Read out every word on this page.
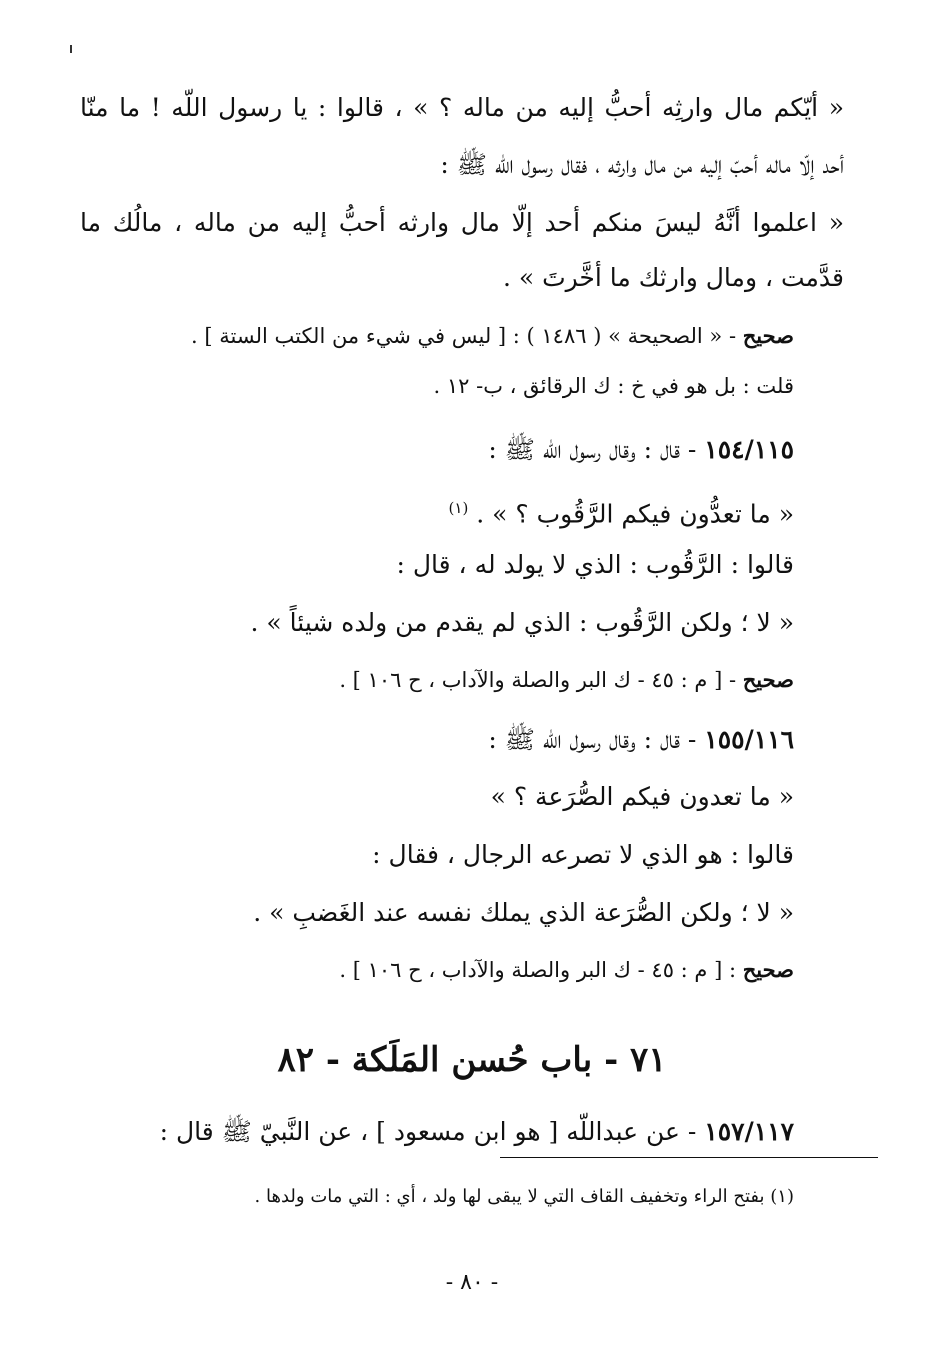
« أيّكم مال وارثِه أحبُّ إليه من ماله ؟ » ، قالوا : يا رسول اللّه ! ما منّا
أحد إلّا ماله أحبّ إليه من مال وارثه ، فقال رسول اللّه ﷺ :
« اعلموا أنَّهُ ليسَ منكم أحد إلّا مال وارثه أحبُّ إليه من ماله ، مالُك ما
قدَّمت ، ومال وارثك ما أخَّرتَ » .
صحيح - « الصحيحة » ( ١٤٨٦ ) : [ ليس في شيء من الكتب الستة ] .
قلت : بل هو في خ : ك الرقائق ، ب- ١٢ .
١٥٤/١١٥ - قال : وقال رسول اللّه ﷺ :
« ما تعدُّون فيكم الرَّقُوب ؟ » . $^{(١)}$
قالوا : الرَّقُوب : الذي لا يولد له ، قال :
« لا ؛ ولكن الرَّقُوب : الذي لم يقدم من ولده شيئاً » .
صحيح - [ م : ٤٥ - ك البر والصلة والآداب ، ح ١٠٦ ] .
١٥٥/١١٦ - قال : وقال رسول اللّه ﷺ :
« ما تعدون فيكم الصُّرَعة ؟ »
قالوا : هو الذي لا تصرعه الرجال ، فقال :
« لا ؛ ولكن الصُّرَعة الذي يملك نفسه عند الغَضبِ » .
صحيح : [ م : ٤٥ - ك البر والصلة والآداب ، ح ١٠٦ ] .
٧١ - باب حُسن المَلَكة - ٨٢
١٥٧/١١٧ - عن عبداللّه [ هو ابن مسعود ] ، عن النَّبيّ ﷺ قال :
(١) بفتح الراء وتخفيف القاف التي لا يبقى لها ولد ، أي : التي مات ولدها .
- ٨٠ -
